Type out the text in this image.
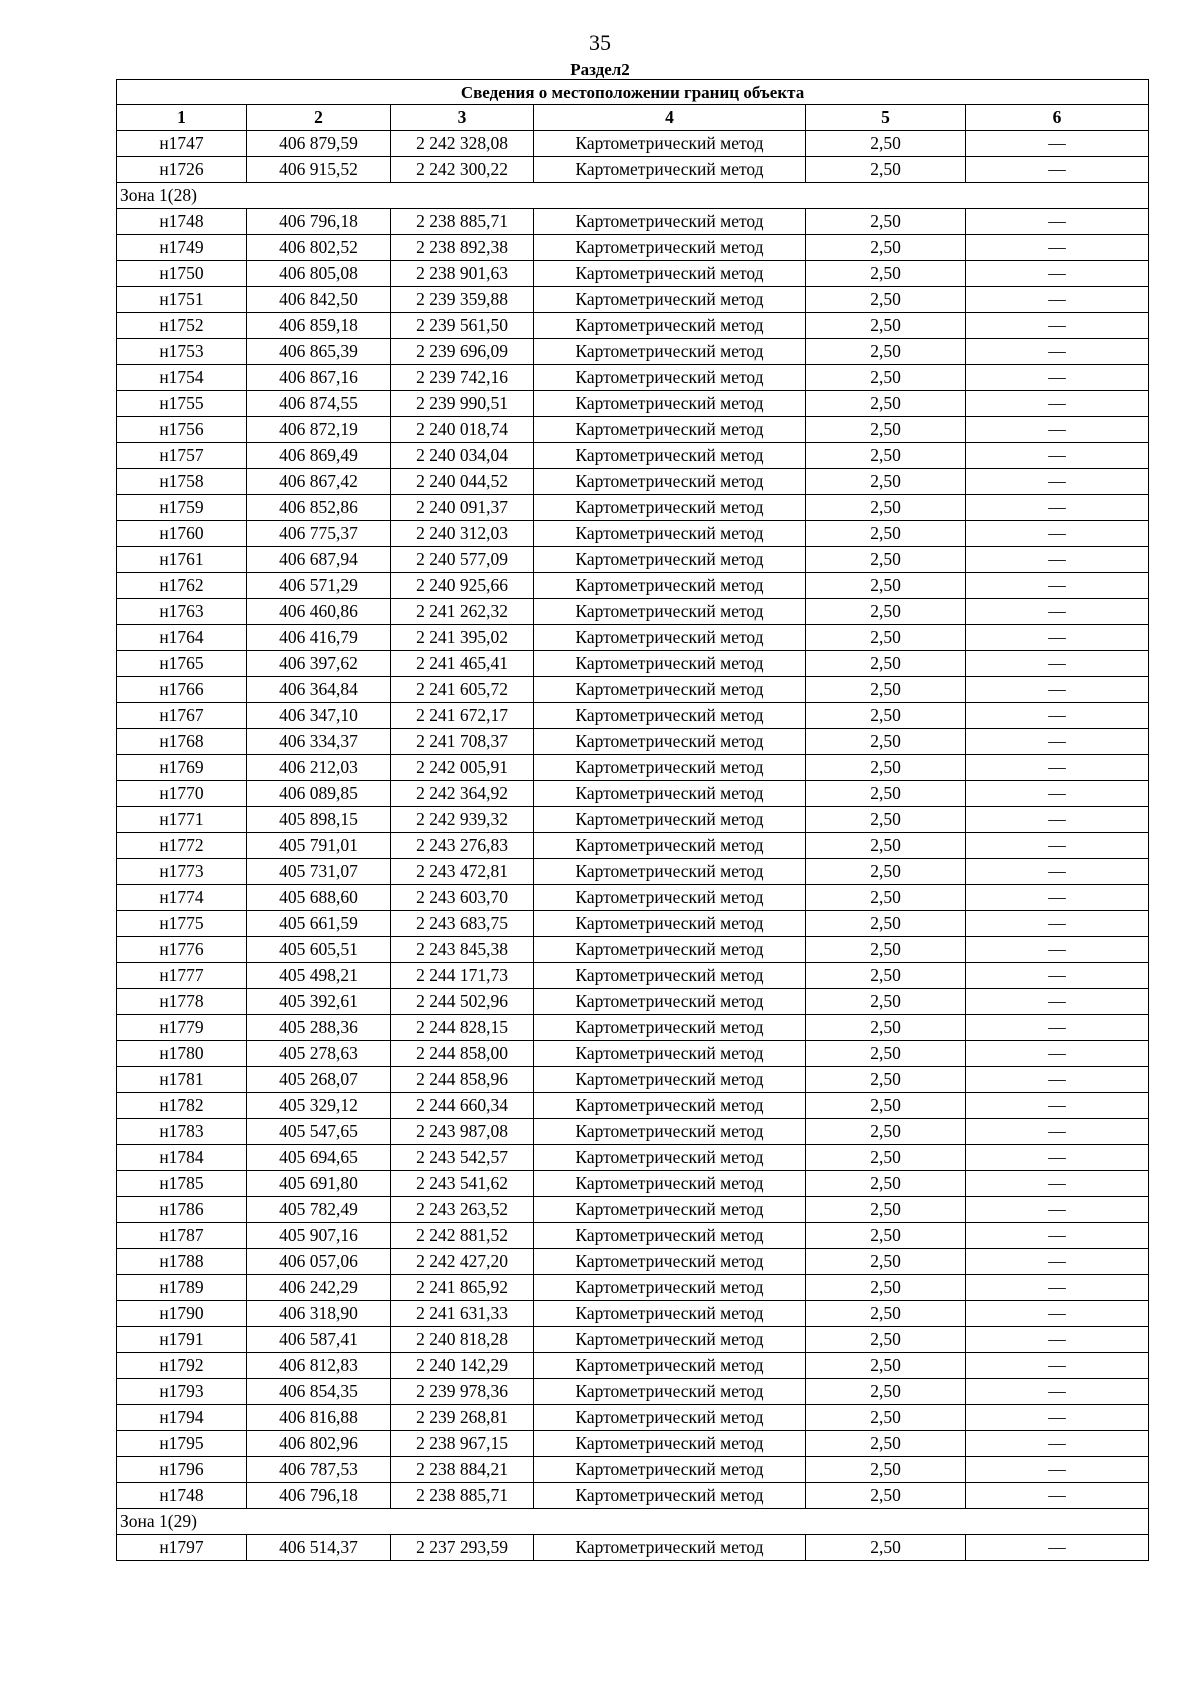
35
Раздел2
Сведения о местоположении границ объекта					
1	2	3	4	5	6
н1747	406 879,59	2 242 328,08	Картометрический метод	2,50	—
н1726	406 915,52	2 242 300,22	Картометрический метод	2,50	—
Зона 1(28)					
н1748	406 796,18	2 238 885,71	Картометрический метод	2,50	—
н1749	406 802,52	2 238 892,38	Картометрический метод	2,50	—
н1750	406 805,08	2 238 901,63	Картометрический метод	2,50	—
н1751	406 842,50	2 239 359,88	Картометрический метод	2,50	—
н1752	406 859,18	2 239 561,50	Картометрический метод	2,50	—
н1753	406 865,39	2 239 696,09	Картометрический метод	2,50	—
н1754	406 867,16	2 239 742,16	Картометрический метод	2,50	—
н1755	406 874,55	2 239 990,51	Картометрический метод	2,50	—
н1756	406 872,19	2 240 018,74	Картометрический метод	2,50	—
н1757	406 869,49	2 240 034,04	Картометрический метод	2,50	—
н1758	406 867,42	2 240 044,52	Картометрический метод	2,50	—
н1759	406 852,86	2 240 091,37	Картометрический метод	2,50	—
н1760	406 775,37	2 240 312,03	Картометрический метод	2,50	—
н1761	406 687,94	2 240 577,09	Картометрический метод	2,50	—
н1762	406 571,29	2 240 925,66	Картометрический метод	2,50	—
н1763	406 460,86	2 241 262,32	Картометрический метод	2,50	—
н1764	406 416,79	2 241 395,02	Картометрический метод	2,50	—
н1765	406 397,62	2 241 465,41	Картометрический метод	2,50	—
н1766	406 364,84	2 241 605,72	Картометрический метод	2,50	—
н1767	406 347,10	2 241 672,17	Картометрический метод	2,50	—
н1768	406 334,37	2 241 708,37	Картометрический метод	2,50	—
н1769	406 212,03	2 242 005,91	Картометрический метод	2,50	—
н1770	406 089,85	2 242 364,92	Картометрический метод	2,50	—
н1771	405 898,15	2 242 939,32	Картометрический метод	2,50	—
н1772	405 791,01	2 243 276,83	Картометрический метод	2,50	—
н1773	405 731,07	2 243 472,81	Картометрический метод	2,50	—
н1774	405 688,60	2 243 603,70	Картометрический метод	2,50	—
н1775	405 661,59	2 243 683,75	Картометрический метод	2,50	—
н1776	405 605,51	2 243 845,38	Картометрический метод	2,50	—
н1777	405 498,21	2 244 171,73	Картометрический метод	2,50	—
н1778	405 392,61	2 244 502,96	Картометрический метод	2,50	—
н1779	405 288,36	2 244 828,15	Картометрический метод	2,50	—
н1780	405 278,63	2 244 858,00	Картометрический метод	2,50	—
н1781	405 268,07	2 244 858,96	Картометрический метод	2,50	—
н1782	405 329,12	2 244 660,34	Картометрический метод	2,50	—
н1783	405 547,65	2 243 987,08	Картометрический метод	2,50	—
н1784	405 694,65	2 243 542,57	Картометрический метод	2,50	—
н1785	405 691,80	2 243 541,62	Картометрический метод	2,50	—
н1786	405 782,49	2 243 263,52	Картометрический метод	2,50	—
н1787	405 907,16	2 242 881,52	Картометрический метод	2,50	—
н1788	406 057,06	2 242 427,20	Картометрический метод	2,50	—
н1789	406 242,29	2 241 865,92	Картометрический метод	2,50	—
н1790	406 318,90	2 241 631,33	Картометрический метод	2,50	—
н1791	406 587,41	2 240 818,28	Картометрический метод	2,50	—
н1792	406 812,83	2 240 142,29	Картометрический метод	2,50	—
н1793	406 854,35	2 239 978,36	Картометрический метод	2,50	—
н1794	406 816,88	2 239 268,81	Картометрический метод	2,50	—
н1795	406 802,96	2 238 967,15	Картометрический метод	2,50	—
н1796	406 787,53	2 238 884,21	Картометрический метод	2,50	—
н1748	406 796,18	2 238 885,71	Картометрический метод	2,50	—
Зона 1(29)					
н1797	406 514,37	2 237 293,59	Картометрический метод	2,50	—
